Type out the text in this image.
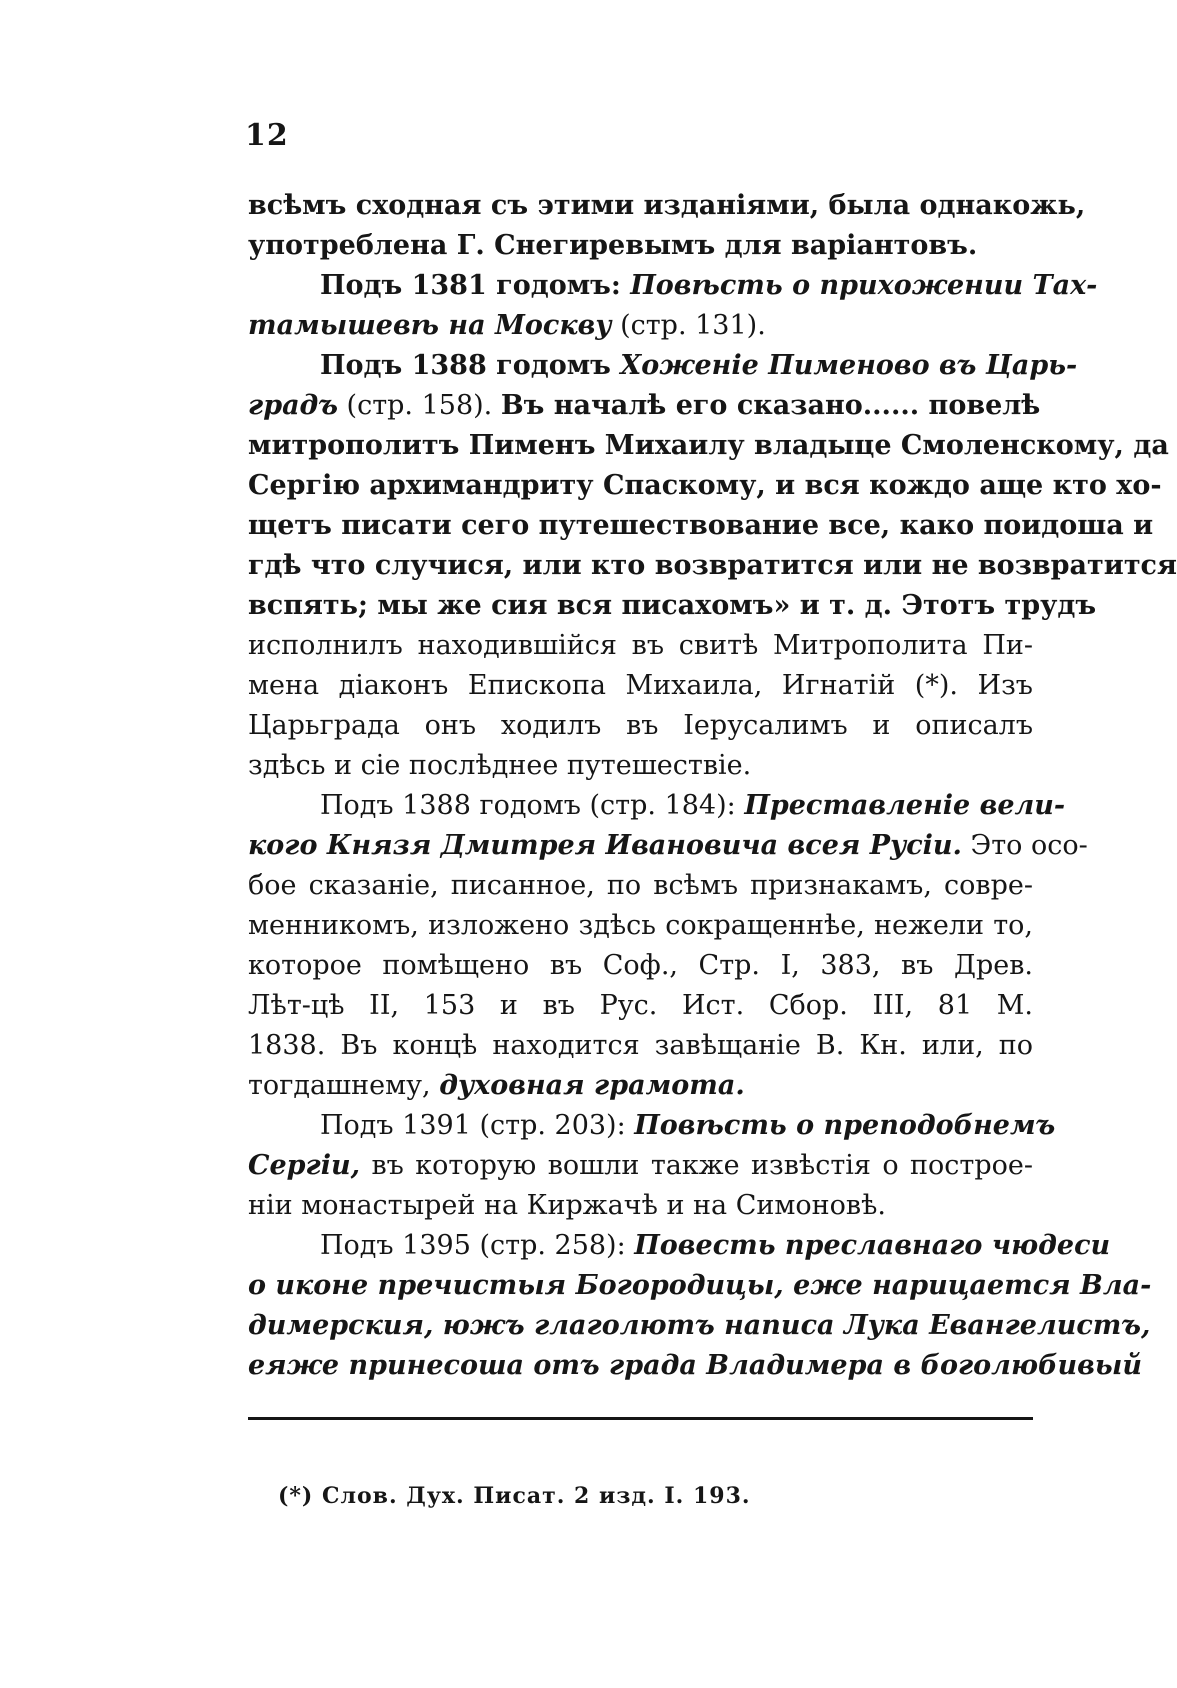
12
всѣмъ сходная съ этими изданіями, была однакожь,
употреблена Г. Снегиревымъ для варіантовъ.
Подъ 1381 годомъ: Повѣсть о прихожении Тах-
тамышевѣ на Москву (стр. 131).
Подъ 1388 годомъ Хоженіе Пименово въ Царь-
градъ (стр. 158). Въ началѣ его сказано...... повелѣ
митрополитъ Пименъ Михаилу владыце Смоленскому, да
Сергію архимандриту Спаскому, и вся кождо аще кто хо-
щетъ писати сего путешествование все, како поидоша и
гдѣ что случися, или кто возвратится или не возвратится
вспять; мы же сия вся писахомъ» и т. д. Этотъ трудъ
исполнилъ находившійся въ свитѣ Митрополита Пи-
мена діаконъ Епископа Михаила, Игнатій (*). Изъ
Царьграда онъ ходилъ въ Іерусалимъ и описалъ
здѣсь и сіе послѣднее путешествіе.
Подъ 1388 годомъ (стр. 184): Преставленіе вели-
кого Князя Дмитрея Ивановича всея Русіи. Это осо-
бое сказаніе, писанное, по всѣмъ признакамъ, совре-
менникомъ, изложено здѣсь сокращеннѣе, нежели то,
которое помѣщено въ Соф., Стр. І, 383, въ Древ.
Лѣт-цѣ II, 153 и въ Рус. Ист. Сбор. III, 81 М.
1838. Въ концѣ находится завѣщаніе В. Кн. или, по
тогдашнему, духовная грамота.
Подъ 1391 (стр. 203): Повѣсть о преподобнемъ
Сергіи, въ которую вошли также извѣстія о построе-
ніи монастырей на Киржачѣ и на Симоновѣ.
Подъ 1395 (стр. 258): Повесть преславнаго чюдеси
о иконе пречистыя Богородицы, еже нарицается Вла-
димерския, южъ глаголютъ написа Лука Евангелистъ,
еяже принесоша отъ града Владимера в боголюбивый
(*) Слов. Дух. Писат. 2 изд. I. 193.
